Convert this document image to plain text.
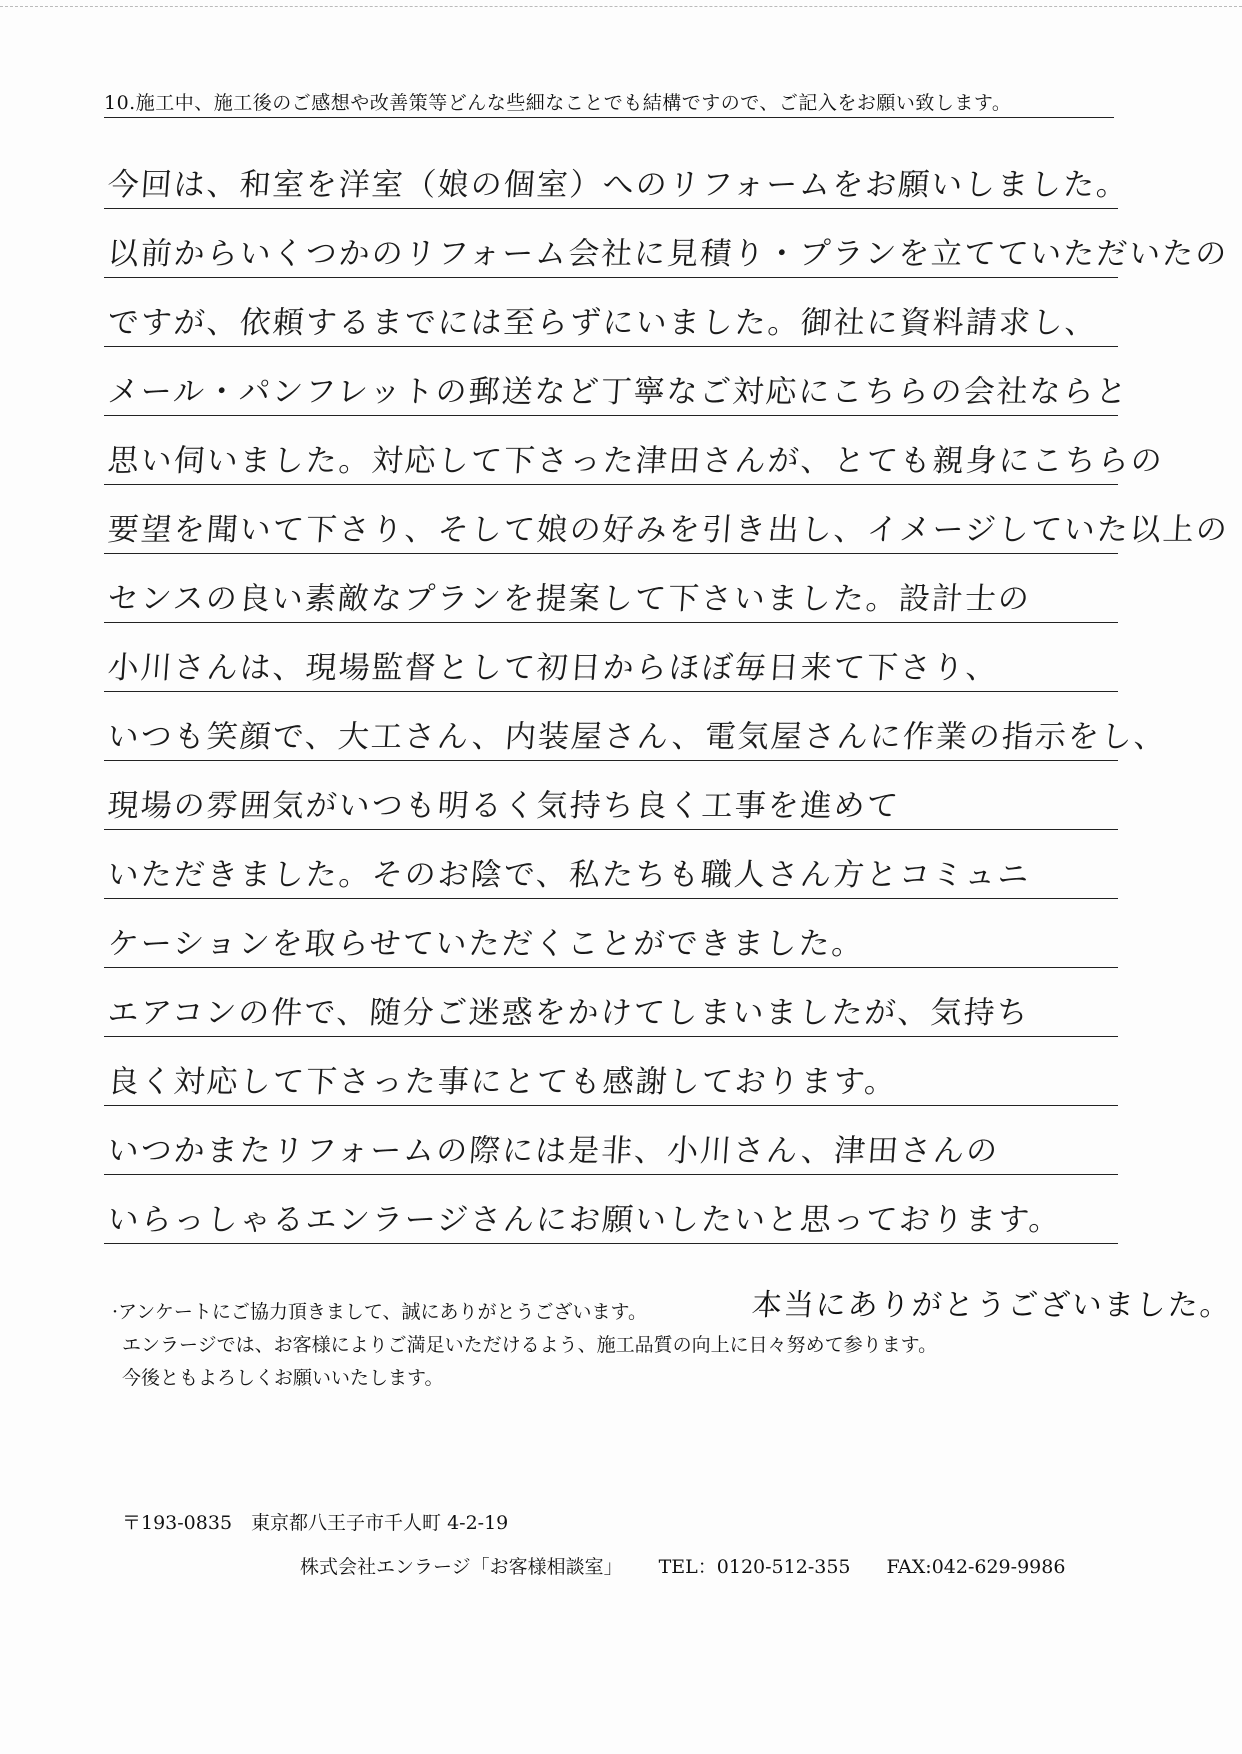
10.施工中、施工後のご感想や改善策等どんな些細なことでも結構ですので、ご記入をお願い致します。
今回は、和室を洋室（娘の個室）へのリフォームをお願いしました。
以前からいくつかのリフォーム会社に見積り・プランを立てていただいたの
ですが、依頼するまでには至らずにいました。御社に資料請求し、
メール・パンフレットの郵送など丁寧なご対応にこちらの会社ならと
思い伺いました。対応して下さった津田さんが、とても親身にこちらの
要望を聞いて下さり、そして娘の好みを引き出し、イメージしていた以上の
センスの良い素敵なプランを提案して下さいました。設計士の
小川さんは、現場監督として初日からほぼ毎日来て下さり、
いつも笑顔で、大工さん、内装屋さん、電気屋さんに作業の指示をし、
現場の雰囲気がいつも明るく気持ち良く工事を進めて
いただきました。そのお陰で、私たちも職人さん方とコミュニ
ケーションを取らせていただくことができました。
エアコンの件で、随分ご迷惑をかけてしまいましたが、気持ち
良く対応して下さった事にとても感謝しております。
いつかまたリフォームの際には是非、小川さん、津田さんの
いらっしゃるエンラージさんにお願いしたいと思っております。
本当にありがとうございました。
·アンケートにご協力頂きまして、誠にありがとうございます。
エンラージでは、お客様によりご満足いただけるよう、施工品質の向上に日々努めて参ります。
今後ともよろしくお願いいたします。
〒193-0835　東京都八王子市千人町 4-2-19
株式会社エンラージ「お客様相談室」 TEL：0120-512-355 FAX:042-629-9986
